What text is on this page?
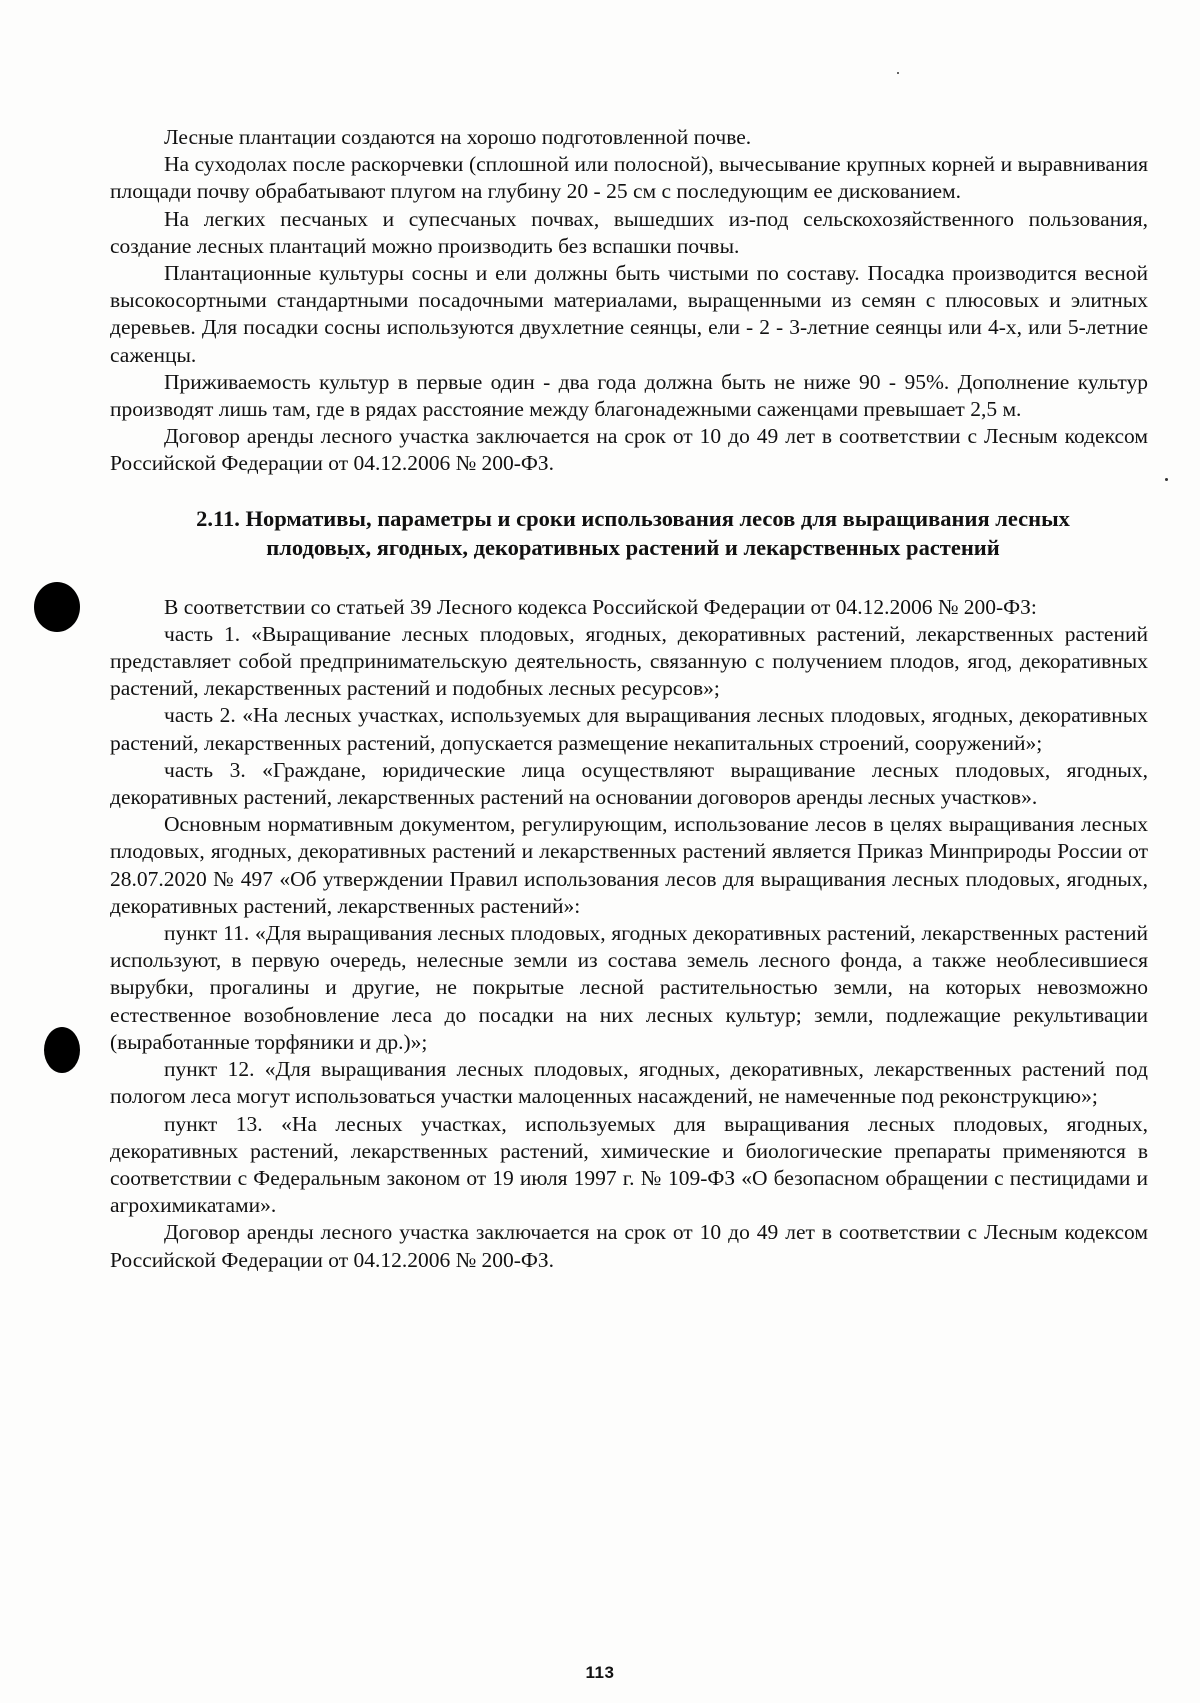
Лесные плантации создаются на хорошо подготовленной почве.

На суходолах после раскорчевки (сплошной или полосной), вычесывание крупных корней и выравнивания площади почву обрабатывают плугом на глубину 20 - 25 см с последующим ее дискованием.

На легких песчаных и супесчаных почвах, вышедших из-под сельскохозяйственного пользования, создание лесных плантаций можно производить без вспашки почвы.

Плантационные культуры сосны и ели должны быть чистыми по составу. Посадка производится весной высокосортными стандартными посадочными материалами, выращенными из семян с плюсовых и элитных деревьев. Для посадки сосны используются двухлетние сеянцы, ели - 2 - 3-летние сеянцы или 4-х, или 5-летние саженцы.

Приживаемость культур в первые один - два года должна быть не ниже 90 - 95%. Дополнение культур производят лишь там, где в рядах расстояние между благонадежными саженцами превышает 2,5 м.

Договор аренды лесного участка заключается на срок от 10 до 49 лет в соответствии с Лесным кодексом Российской Федерации от 04.12.2006 № 200-ФЗ.

2.11. Нормативы, параметры и сроки использования лесов для выращивания лесных

плодовых, ягодных, декоративных растений и лекарственных растений

В соответствии со статьей 39 Лесного кодекса Российской Федерации от 04.12.2006 № 200-ФЗ:

часть 1. «Выращивание лесных плодовых, ягодных, декоративных растений, лекарственных растений представляет собой предпринимательскую деятельность, связанную с получением плодов, ягод, декоративных растений, лекарственных растений и подобных лесных ресурсов»;

часть 2. «На лесных участках, используемых для выращивания лесных плодовых, ягодных, декоративных растений, лекарственных растений, допускается размещение некапитальных строений, сооружений»;

часть 3. «Граждане, юридические лица осуществляют выращивание лесных плодовых, ягодных, декоративных растений, лекарственных растений на основании договоров аренды лесных участков».

Основным нормативным документом, регулирующим, использование лесов в целях выращивания лесных плодовых, ягодных, декоративных растений и лекарственных растений является Приказ Минприроды России от 28.07.2020 № 497 «Об утверждении Правил использования лесов для выращивания лесных плодовых, ягодных, декоративных растений, лекарственных растений»:

пункт 11. «Для выращивания лесных плодовых, ягодных декоративных растений, лекарственных растений используют, в первую очередь, нелесные земли из состава земель лесного фонда, а также необлесившиеся вырубки, прогалины и другие, не покрытые лесной растительностью земли, на которых невозможно естественное возобновление леса до посадки на них лесных культур; земли, подлежащие рекультивации (выработанные торфяники и др.)»;

пункт 12. «Для выращивания лесных плодовых, ягодных, декоративных, лекарственных растений под пологом леса могут использоваться участки малоценных насаждений, не намеченные под реконструкцию»;

пункт 13. «На лесных участках, используемых для выращивания лесных плодовых, ягодных, декоративных растений, лекарственных растений, химические и биологические препараты применяются в соответствии с Федеральным законом от 19 июля 1997 г. № 109-ФЗ «О безопасном обращении с пестицидами и агрохимикатами».

Договор аренды лесного участка заключается на срок от 10 до 49 лет в соответствии с Лесным кодексом Российской Федерации от 04.12.2006 № 200-ФЗ.

113
